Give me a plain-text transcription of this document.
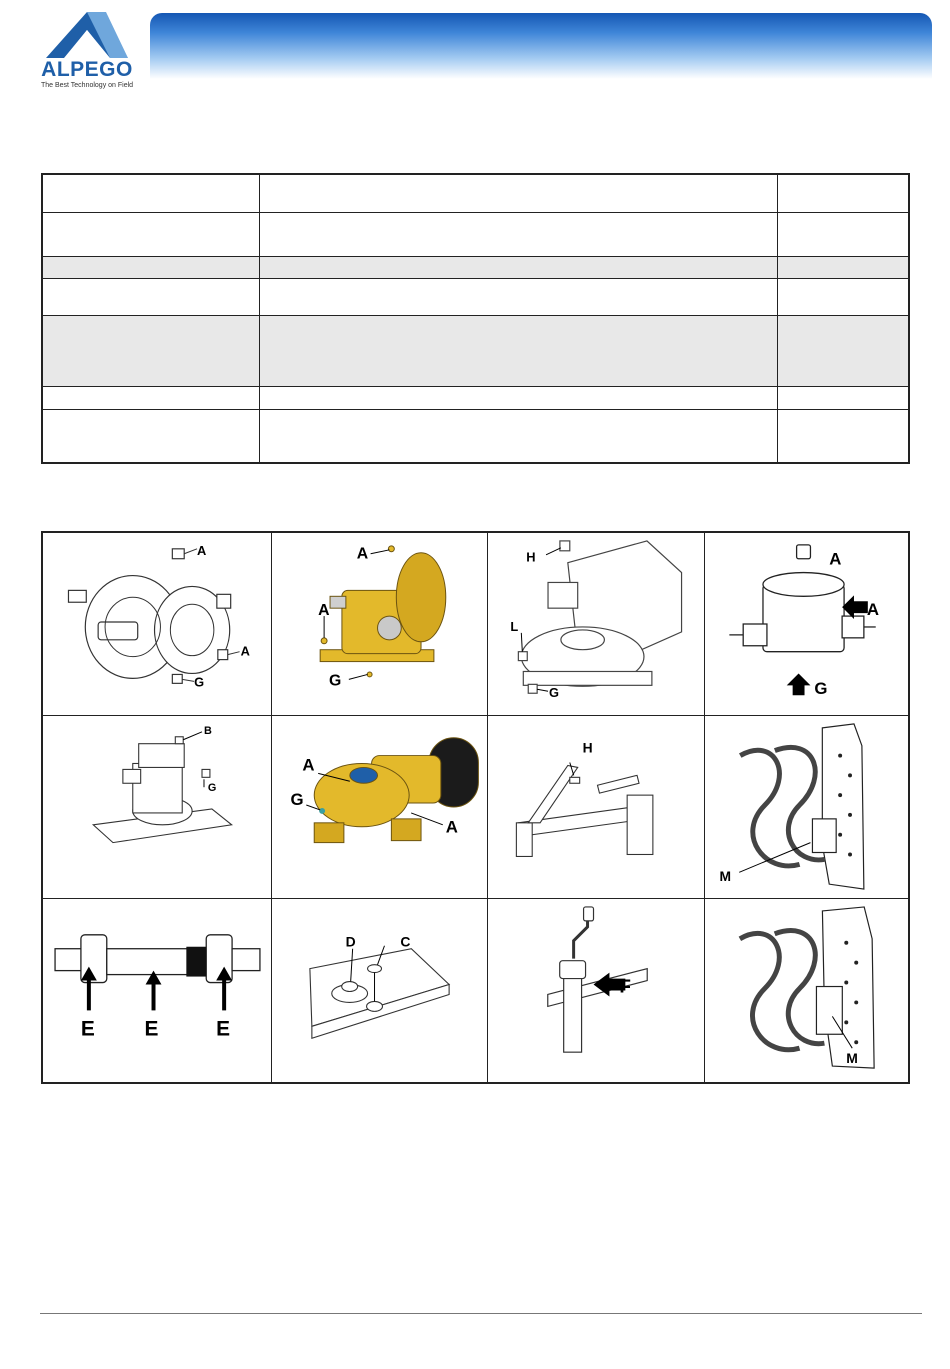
ALPEGO
The Best Technology on Field

A
A
G
A
A
G
H
L
G
A
A
G
B
G
A
G
A
H
M
E E	E
D	C
F
M
